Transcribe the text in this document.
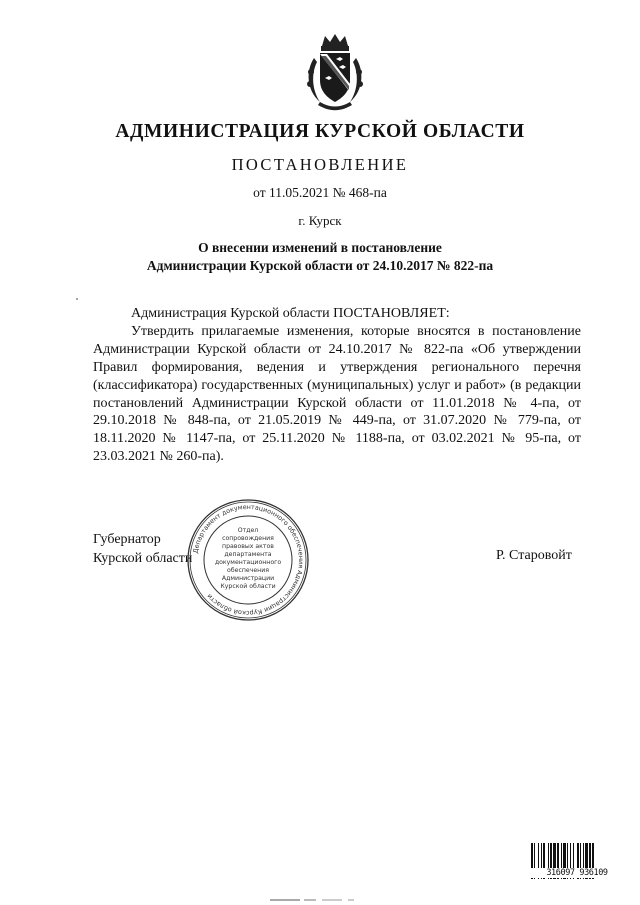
АДМИНИСТРАЦИЯ КУРСКОЙ ОБЛАСТИ
ПОСТАНОВЛЕНИЕ
от 11.05.2021 № 468-па
г. Курск
О внесении изменений в постановление
Администрации Курской области от 24.10.2017 № 822-па

Администрация Курской области ПОСТАНОВЛЯЕТ:

Утвердить прилагаемые изменения, которые вносятся в постановление Администрации Курской области от 24.10.2017 № 822-па «Об утверждении Правил формирования, ведения и утверждения регионального перечня (классификатора) государственных (муниципальных) услуг и работ» (в редакции постановлений Администрации Курской области от 11.01.2018 № 4-па, от 29.10.2018 № 848-па, от 21.05.2019 № 449-па, от 31.07.2020 № 779-па, от 18.11.2020 № 1147-па, от 25.11.2020 № 1188-па, от 03.02.2021 № 95-па, от 23.03.2021 № 260-па).

Губернатор
Курской области	Р. Старовойт
Департамент документационного обеспечения Администрации Курской области
Отдел
сопровождения
правовых актов
департамента
документационного
обеспечения
Администрации
Курской области
316097 936109
